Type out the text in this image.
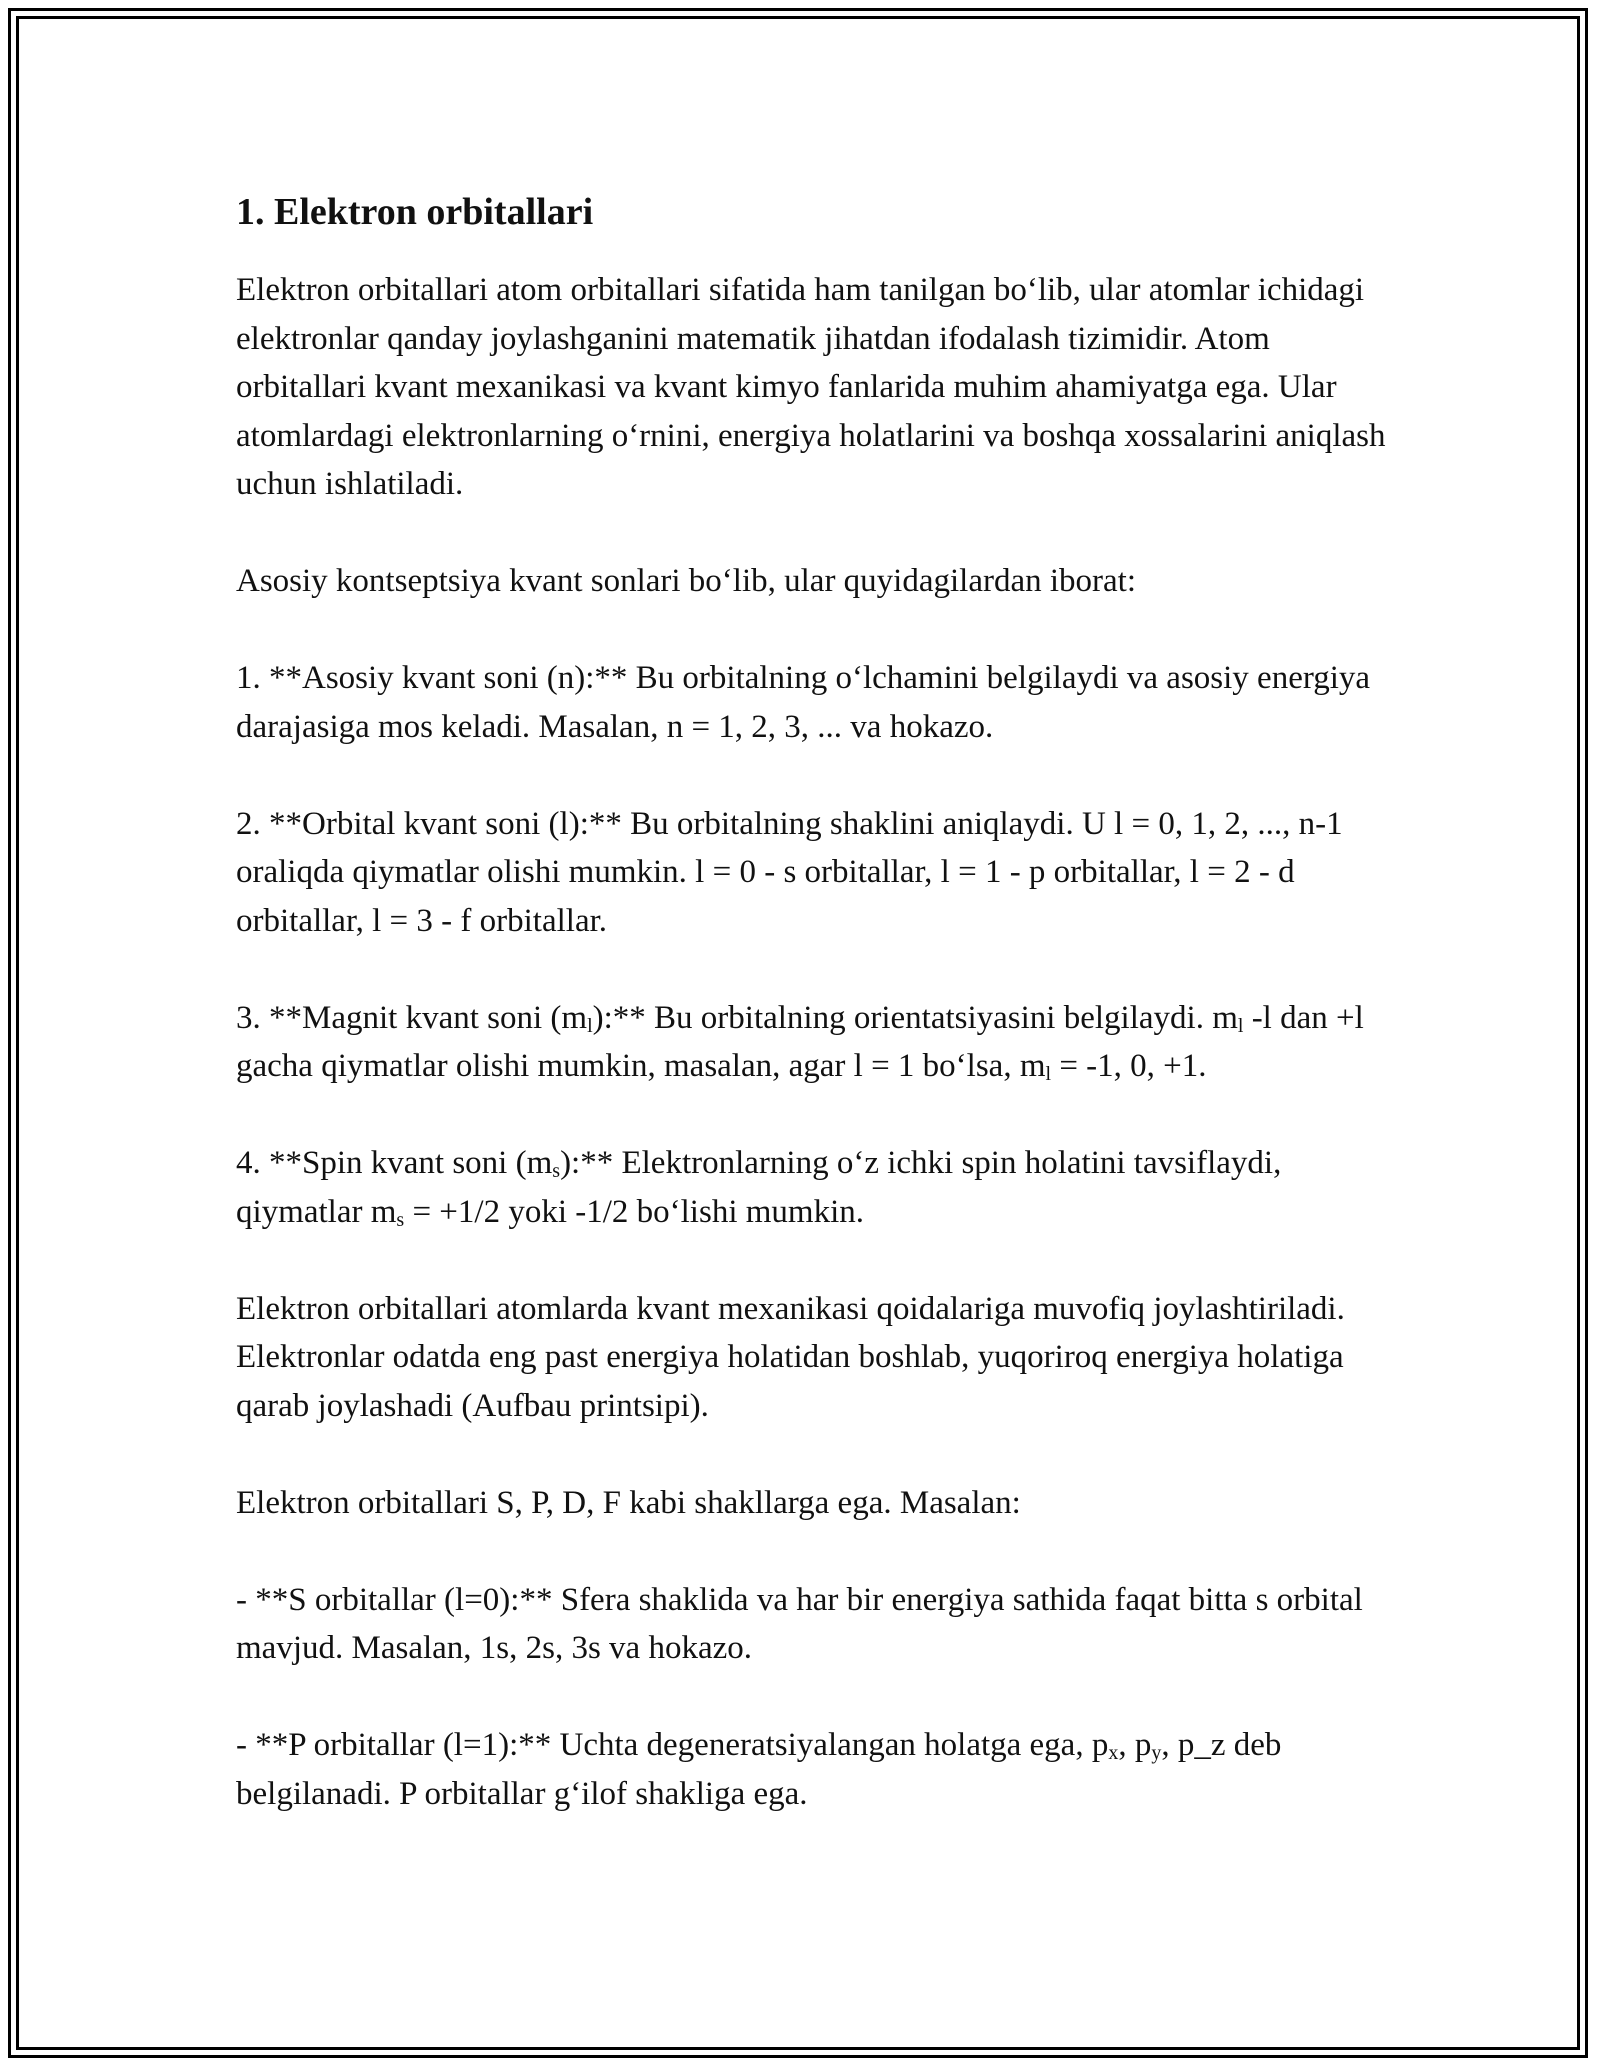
1. Elektron orbitallari

Elektron orbitallari atom orbitallari sifatida ham tanilgan bo‘lib, ular atomlar ichidagi elektronlar qanday joylashganini matematik jihatdan ifodalash tizimidir. Atom orbitallari kvant mexanikasi va kvant kimyo fanlarida muhim ahamiyatga ega. Ular atomlardagi elektronlarning o‘rnini, energiya holatlarini va boshqa xossalarini aniqlash uchun ishlatiladi.

Asosiy kontseptsiya kvant sonlari bo‘lib, ular quyidagilardan iborat:

1. **Asosiy kvant soni (n):** Bu orbitalning o‘lchamini belgilaydi va asosiy energiya darajasiga mos keladi. Masalan, n = 1, 2, 3, ... va hokazo.

2. **Orbital kvant soni (l):** Bu orbitalning shaklini aniqlaydi. U l = 0, 1, 2, ..., n-1 oraliqda qiymatlar olishi mumkin. l = 0 - s orbitallar, l = 1 - p orbitallar, l = 2 - d orbitallar, l = 3 - f orbitallar.

3. **Magnit kvant soni $(m_l):**$ Bu orbitalning orientatsiyasini belgilaydi. $m_l$ -l dan +l gacha qiymatlar olishi mumkin, masalan, agar l = 1 bo‘lsa, $m_l = -1$, 0, +1.

4. **Spin kvant soni $(m_s):**$ Elektronlarning o‘z ichki spin holatini tavsiflaydi, qiymatlar $m_s = +1/2$ yoki -1/2 bo‘lishi mumkin.

Elektron orbitallari atomlarda kvant mexanikasi qoidalariga muvofiq joylashtiriladi. Elektronlar odatda eng past energiya holatidan boshlab, yuqoriroq energiya holatiga qarab joylashadi (Aufbau printsipi).

Elektron orbitallari S, P, D, F kabi shakllarga ega. Masalan:

- **S orbitallar (l=0):** Sfera shaklida va har bir energiya sathida faqat bitta s orbital mavjud. Masalan, 1s, 2s, 3s va hokazo.

- **P orbitallar (l=1):** Uchta degeneratsiyalangan holatga ega, $p_x$, $p_y$, p_z deb belgilanadi. P orbitallar g‘ilof shakliga ega.
